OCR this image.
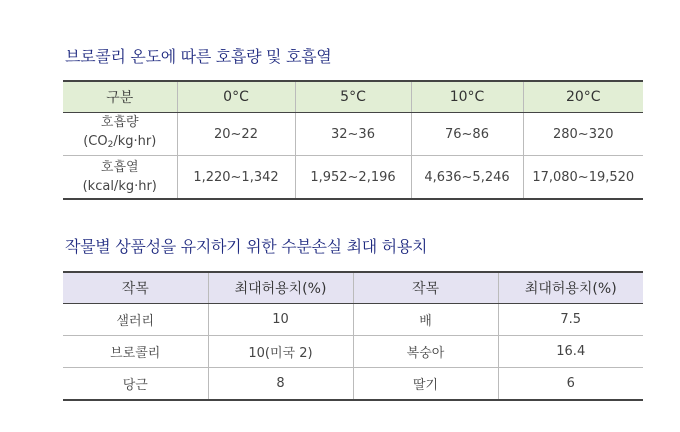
브로콜리 온도에 따른 호흡량 및 호흡열
구분	0°C	5°C	10°C	20°C

호흡량
$(CO_2/kg\cdot hr)$	20~22	32~36	76~86	280~320

호흡열
(kcal/kg·hr)	1,220~1,342	1,952~2,196	4,636~5,246	17,080~19,520
작물별 상품성을 유지하기 위한 수분손실 최대 허용치
작목	최대허용치(%)	작목	최대허용치(%)
샐러리	10	배	7.5
브로콜리	10(미국 2)	복숭아	16.4
당근	8	딸기	6
